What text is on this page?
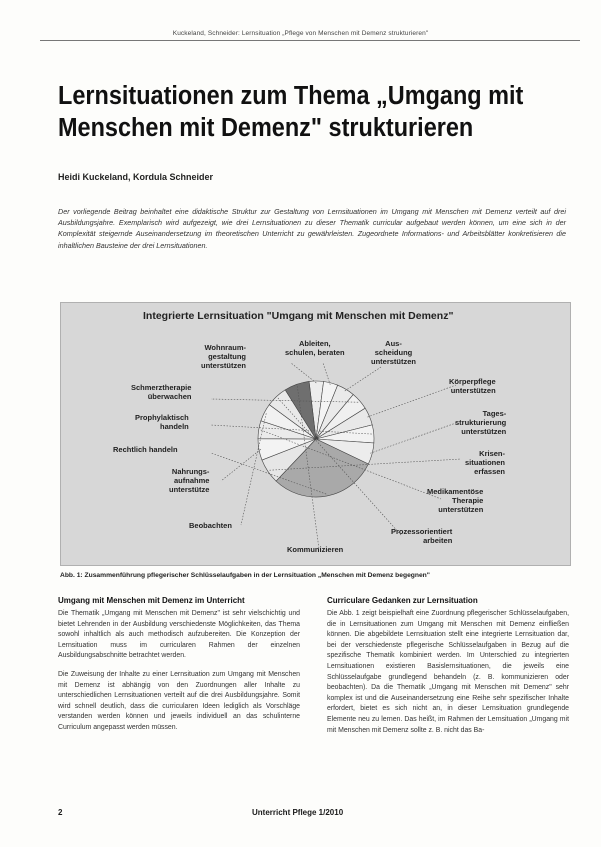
Kuckeland, Schneider: Lernsituation „Pflege von Menschen mit Demenz strukturieren"
Lernsituationen zum Thema „Umgang mit Menschen mit Demenz" strukturieren
Heidi Kuckeland, Kordula Schneider

Der vorliegende Beitrag beinhaltet eine didaktische Struktur zur Gestaltung von Lernsituationen im Umgang mit Menschen mit Demenz verteilt auf drei Ausbildungsjahre. Exemplarisch wird aufgezeigt, wie drei Lernsituationen zu dieser Thematik curricular aufgebaut werden können, um eine sich in der Komplexität steigernde Auseinandersetzung im theoretischen Unterricht zu gewährleisten. Zugeordnete Informations- und Arbeitsblätter konkretisieren die inhaltlichen Bausteine der drei Lernsituationen.

Integrierte Lernsituation "Umgang mit Menschen mit Demenz"
Wohnraum-
gestaltung
unterstützen
Ableiten,
schulen, beraten
Aus-
scheidung
unterstützen
Schmerztherapie
überwachen
Körperpflege
unterstützen
Prophylaktisch
handeln
Tages-
strukturierung
unterstützen
Rechtlich handeln	Krisen-
situationen
erfassen
Nahrungs-
aufnahme
unterstütze	Medikamentöse
Therapie
unterstützen
Beobachten
Prozessorientiert
arbeiten
Kommunizieren
Abb. 1: Zusammenführung pflegerischer Schlüsselaufgaben in der Lernsituation „Menschen mit Demenz begegnen"
Umgang mit Menschen mit Demenz im Unterricht

Die Thematik „Umgang mit Menschen mit Demenz" ist sehr vielschichtig und bietet Lehrenden in der Ausbildung verschiedenste Möglichkeiten, das Thema sowohl inhaltlich als auch methodisch aufzubereiten. Die Konzeption der Lernsituation muss im curricularen Rahmen der einzelnen Ausbildungsabschnitte betrachtet werden.

Die Zuweisung der Inhalte zu einer Lernsituation zum Umgang mit Menschen mit Demenz ist abhängig von den Zuordnungen aller Inhalte zu unterschiedlichen Lernsituationen verteilt auf die drei Ausbildungsjahre. Somit wird schnell deutlich, dass die curricularen Ideen lediglich als Vorschläge verstanden werden können und jeweils individuell an das schulinterne Curriculum angepasst werden müssen.

Curriculare Gedanken zur Lernsituation

Die Abb. 1 zeigt beispielhaft eine Zuordnung pflegerischer Schlüsselaufgaben, die in Lernsituationen zum Umgang mit Menschen mit Demenz einfließen können. Die abgebildete Lernsituation stellt eine integrierte Lernsituation dar, bei der verschiedenste pflegerische Schlüsselaufgaben in Bezug auf die spezifische Thematik kombiniert werden. Im Unterschied zu integrierten Lernsituationen existieren Basislernsituationen, die jeweils eine Schlüsselaufgabe grundlegend behandeln (z. B. kommunizieren oder beobachten). Da die Thematik „Umgang mit Menschen mit Demenz" sehr komplex ist und die Auseinandersetzung eine Reihe sehr spezifischer Inhalte erfordert, bietet es sich nicht an, in dieser Lernsituation grundlegende Elemente neu zu lernen. Das heißt, im Rahmen der Lernsituation „Umgang mit mit Menschen mit Demenz sollte z. B. nicht das Ba-

2	Unterricht Pflege 1/2010
